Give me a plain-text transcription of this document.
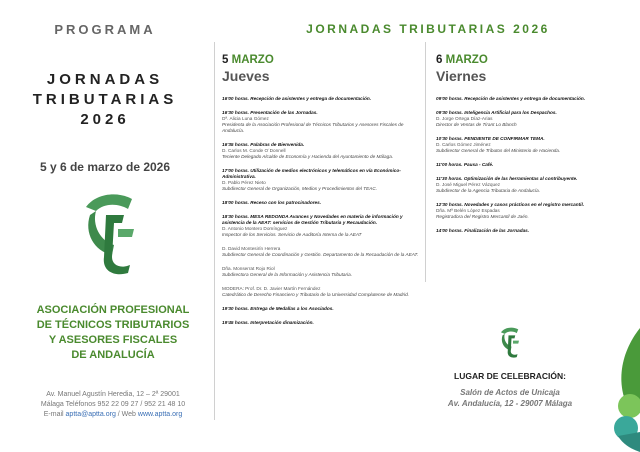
PROGRAMA
JORNADAS
TRIBUTARIAS
2026
5 y 6 de marzo de 2026
ASOCIACIÓN PROFESIONAL
DE TÉCNICOS TRIBUTARIOS
Y ASESORES FISCALES
DE ANDALUCÍA
Av. Manuel Agustín Heredia, 12 – 2ª 29001
Málaga Teléfonos 952 22 09 27 / 952 21 48 10
E-mail aptta@aptta.org / Web www.aptta.org
JORNADAS TRIBUTARIAS 2026
5 MARZO
Jueves
16'00 horas. Recepción de asistentes y entrega de documentación.
16'30 horas. Presentación de las Jornadas.
Dª. Alicia Luna Gómez
Presidenta de la Asociación Profesional de Técnicos Tributarios y Asesores Fiscales de Andalucía.
16'35 horas. Palabras de Bienvenida.
D. Carlos M. Conde O´Donnell
Teniente Delegado Alcalde de Economía y Hacienda del Ayuntamiento de Málaga.
17'00 horas. Utilización de medios electrónicos y telemáticos en vía Económico-Administrativa.
D. Pablo Pérez Nieto
Subdirector General de Organización, Medios y Procedimientos del TEAC.
18'00 horas. Receso con los patrocinadores.
18'30 horas. MESA REDONDA Avances y Novedades en materia de información y asistencia de la AEAT: servicios de Gestión Tributaria y Recaudación.
D. Antonio Montero Domínguez
Inspector de los Servicios. Servicio de Auditoría Interna de la AEAT
D. David Montesirín Herrera
Subdirector General de Coordinación y Gestión. Departamento de la Recaudación de la AEAT.
Dña. Monserrat Rojo Riol
Subdirectora General de la Información y Asistencia Tributaria.
MODERA: Prof. Dr. D. Javier Martín Fernández
Catedrático de Derecho Financiero y Tributario de la Universidad Complutense de Madrid.
19'30 horas. Entrega de Medallas a los Asociados.
19'45 horas. Interpretación dinamización.
6 MARZO
Viernes
09'00 horas. Recepción de asistentes y entrega de documentación.
09'30 horas. Inteligencia Artificial para los Despachos.
D. Jorge Ortega Díaz-Arias
Director de Ventas de Tirant Lo Blanch
10'30 horas. PENDIENTE DE CONFIRMAR TEMA.
D. Carlos Gómez Jiménez
Subdirector General de Tributos del Ministerio de Hacienda.
11'00 horas. Pausa - Café.
11'30 horas. Optimización de las herramientas al contribuyente.
D. José Miguel Pérez Vázquez
Subdirector de la Agencia Tributaria de Andalucía.
12'30 horas. Novedades y casos prácticos en el registro mercantil.
Dña. Mª Belén López Espadas
Registradora del Registro Mercantil de Jaén.
14'00 horas. Finalización de las Jornadas.
LUGAR DE CELEBRACIÓN:
Salón de Actos de Unicaja
Av. Andalucía, 12 - 29007 Málaga
